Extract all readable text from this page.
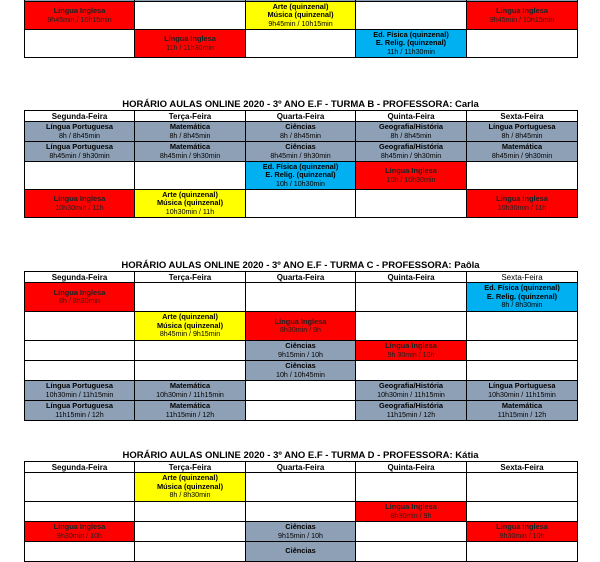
Língua Inglesa
9h45min / 10h15min		Arte (quinzenal)
Música (quinzenal)
9h45min / 10h15min		Língua Inglesa
9h45min / 10h15min

	Língua Inglesa
11h / 11h30min		Ed. Física (quinzenal)
E. Relig. (quinzenal)
11h / 11h30min	

HORÁRIO AULAS ONLINE 2020 - 3º ANO E.F - TURMA B - PROFESSORA: Carla
Segunda-Feira	Terça-Feira	Quarta-Feira	Quinta-Feira	Sexta-Feira

Língua Portuguesa
8h / 8h45min	Matemática
8h / 8h45min	Ciências
8h / 8h45min	Geografia/História
8h / 8h45min	Língua Portuguesa
8h / 8h45min

Língua Portuguesa
8h45min / 9h30min	Matemática
8h45min / 9h30min	Ciências
8h45min / 9h30min	Geografia/História
8h45min / 9h30min	Matemática
8h45min / 9h30min

		Ed. Física (quinzenal)
E. Relig. (quinzenal)
10h / 10h30min	Língua Inglesa
10h / 10h30min	

Língua Inglesa
10h30min / 11h	Arte (quinzenal)
Música (quinzenal)
10h30min / 11h			Língua Inglesa
10h30min / 11h
HORÁRIO AULAS ONLINE 2020 - 3º ANO E.F - TURMA C - PROFESSORA: Paôla
Segunda-Feira	Terça-Feira	Quarta-Feira	Quinta-Feira	Sexta-Feira

Língua Inglesa
8h / 8h30min				Ed. Física (quinzenal)
E. Relig. (quinzenal)
8h / 8h30min

	Arte (quinzenal)
Música (quinzenal)
8h45min / 9h15min	Língua Inglesa
8h30min / 9h		

		Ciências
9h15min / 10h	Língua Inglesa
9h 30min / 10h	

		Ciências
10h / 10h45min		

Língua Portuguesa
10h30min / 11h15min	Matemática
10h30min / 11h15min		Geografia/História
10h30min / 11h15min	Língua Portuguesa
10h30min / 11h15min

Língua Portuguesa
11h15min / 12h	Matemática
11h15min / 12h		Geografia/História
11h15min / 12h	Matemática
11h15min / 12h
HORÁRIO AULAS ONLINE 2020 - 3º ANO E.F - TURMA D - PROFESSORA: Kátia
Segunda-Feira	Terça-Feira	Quarta-Feira	Quinta-Feira	Sexta-Feira

	Arte (quinzenal)
Música (quinzenal)
8h / 8h30min			

			Língua Inglesa
8h30min / 9h	

Língua Inglesa
9h30min / 10h		Ciências
9h15min / 10h		Língua Inglesa
9h30min / 10h

		Ciências		
